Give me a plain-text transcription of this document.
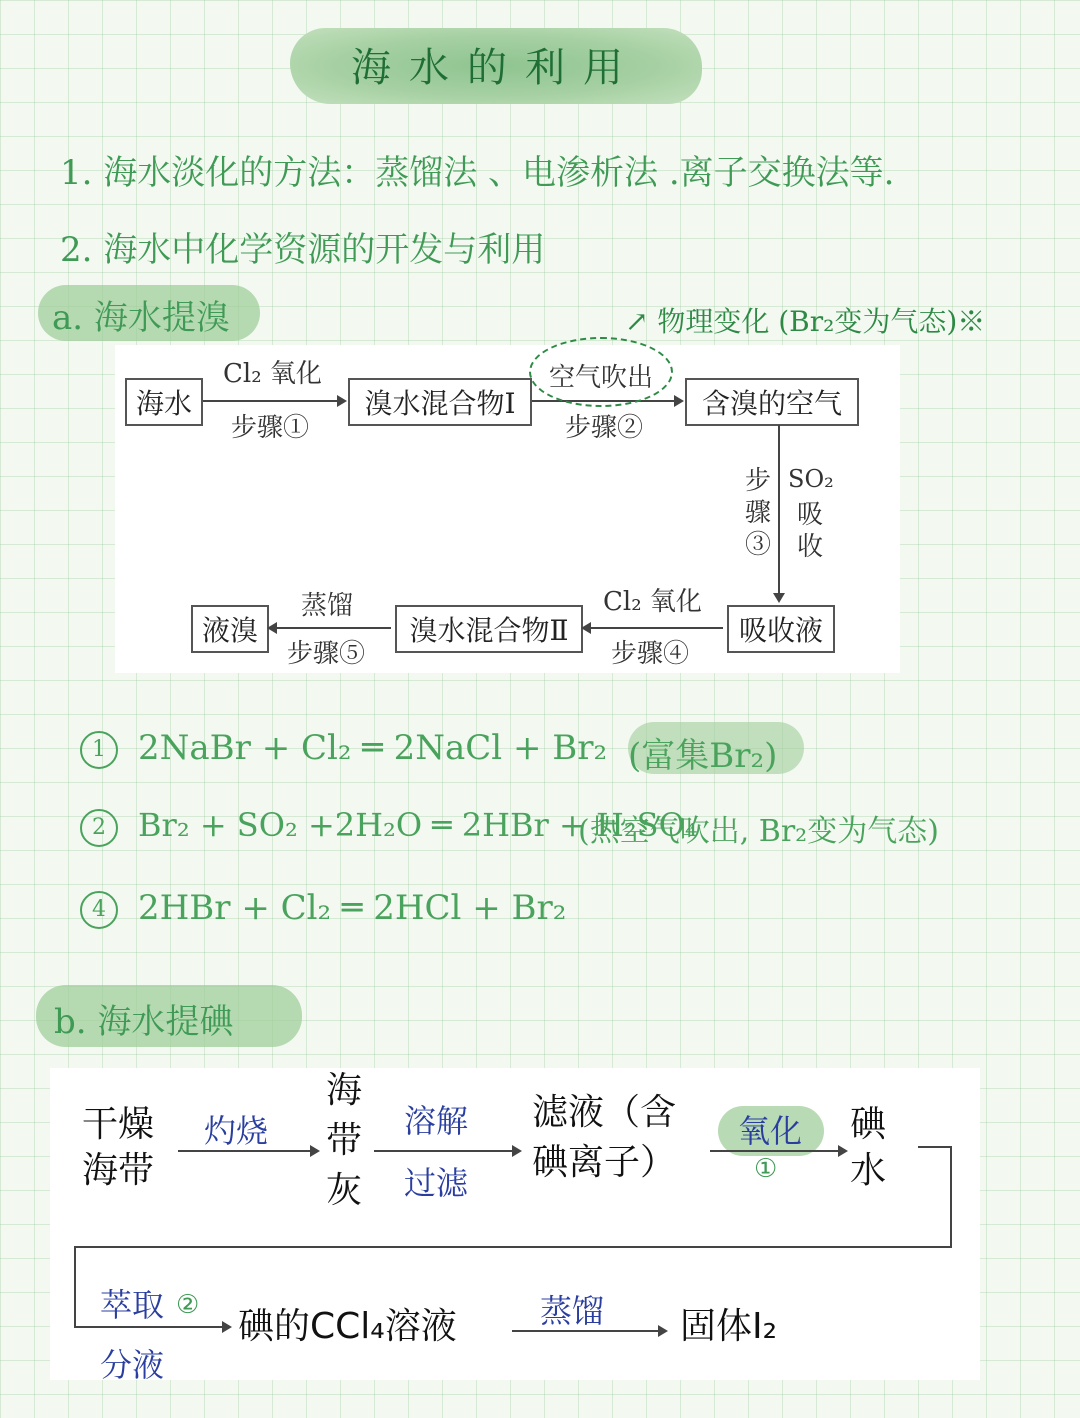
海水的利用
1. 海水淡化的方法：蒸馏法 、电渗析法 .离子交换法等.
2. 海水中化学资源的开发与利用
a. 海水提溴	↗ 物理变化 (Br₂变为气态)※
海水	溴水混合物Ⅰ	含溴的空气
吸收液
溴水混合物Ⅱ
液溴
Cl₂ 氧化
步骤①
空气吹出
步骤②
步骤③
SO₂
吸收
Cl₂ 氧化
步骤④
蒸馏
步骤⑤
1 2NaBr + Cl₂ ═ 2NaCl + Br₂ (富集Br₂)
2 Br₂ + SO₂ +2H₂O ═ 2HBr + H₂SO₄
(热空气吹出, Br₂变为气态)
4 2HBr + Cl₂ ═ 2HCl + Br₂
b. 海水提碘
干燥
海带
灼烧
海
带
灰
溶解
过滤
滤液（含
碘离子）
氧化
①
碘
水
萃取 ②
分液
碘的CCl₄溶液	蒸馏 固体I₂
